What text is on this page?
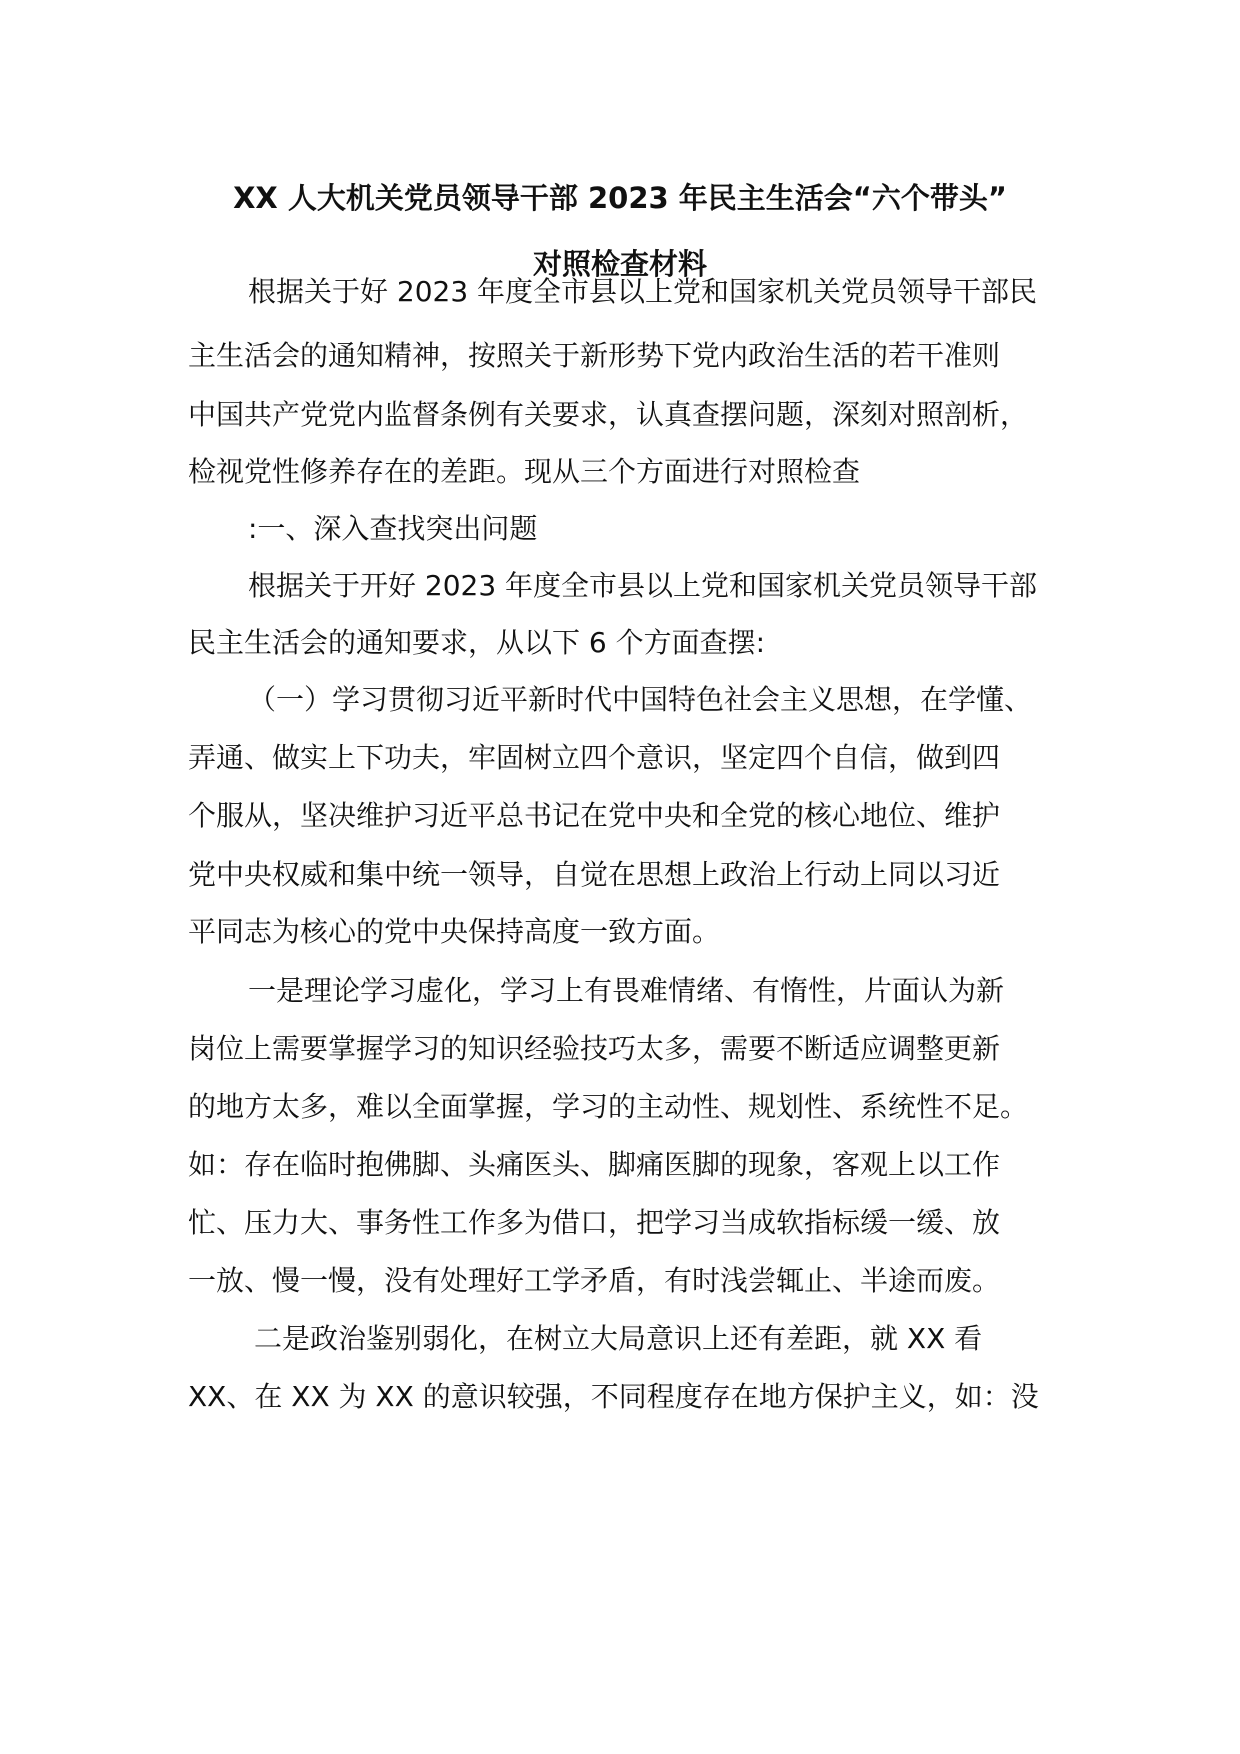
XX 人大机关党员领导干部 2023 年民主生活会“六个带头”
对照检查材料
根据关于好 2023 年度全市县以上党和国家机关党员领导干部民
主生活会的通知精神，按照关于新形势下党内政治生活的若干准则
中国共产党党内监督条例有关要求，认真查摆问题，深刻对照剖析，
检视党性修养存在的差距。现从三个方面进行对照检查
:一、深入查找突出问题
根据关于开好 2023 年度全市县以上党和国家机关党员领导干部
民主生活会的通知要求，从以下 6 个方面查摆:
（一）学习贯彻习近平新时代中国特色社会主义思想，在学懂、
弄通、做实上下功夫，牢固树立四个意识，坚定四个自信，做到四
个服从，坚决维护习近平总书记在党中央和全党的核心地位、维护
党中央权威和集中统一领导，自觉在思想上政治上行动上同以习近
平同志为核心的党中央保持高度一致方面。
一是理论学习虚化，学习上有畏难情绪、有惰性，片面认为新
岗位上需要掌握学习的知识经验技巧太多，需要不断适应调整更新
的地方太多，难以全面掌握，学习的主动性、规划性、系统性不足。
如：存在临时抱佛脚、头痛医头、脚痛医脚的现象，客观上以工作
忙、压力大、事务性工作多为借口，把学习当成软指标缓一缓、放
一放、慢一慢，没有处理好工学矛盾，有时浅尝辄止、半途而废。
二是政治鉴别弱化，在树立大局意识上还有差距，就 XX 看
XX、在 XX 为 XX 的意识较强，不同程度存在地方保护主义，如：没
